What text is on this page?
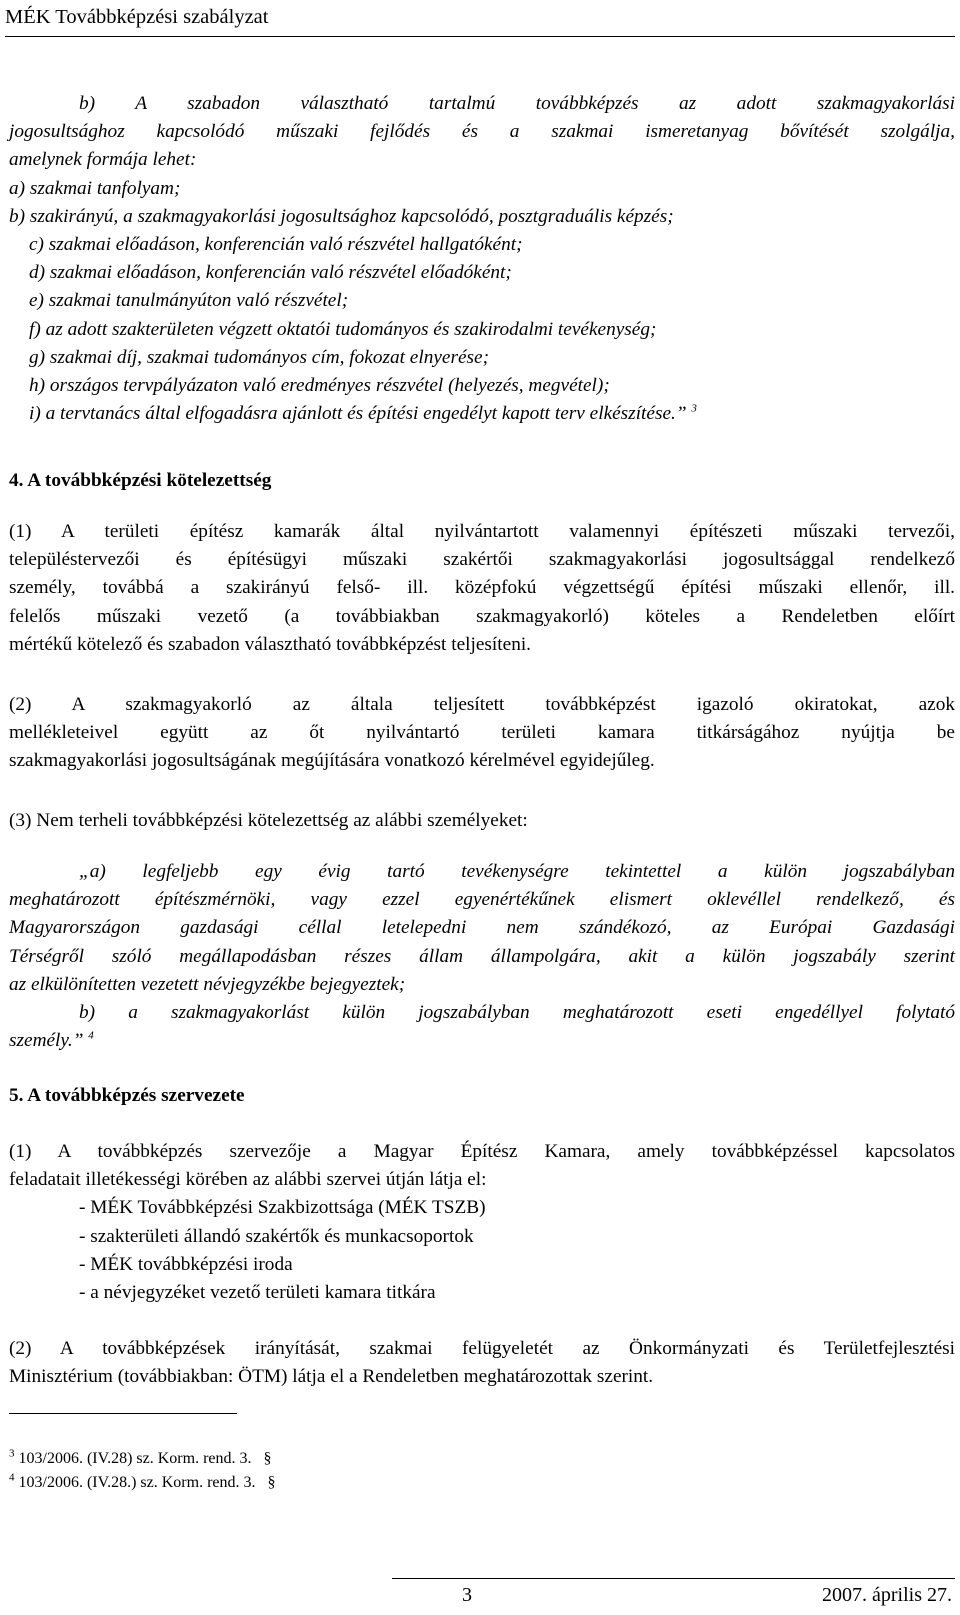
MÉK Továbbképzési szabályzat
b) A szabadon választható tartalmú továbbképzés az adott szakmagyakorlási
jogosultsághoz kapcsolódó műszaki fejlődés és a szakmai ismeretanyag bővítését szolgálja,
amelynek formája lehet:
a) szakmai tanfolyam;
b) szakirányú, a szakmagyakorlási jogosultsághoz kapcsolódó, posztgraduális képzés;
c) szakmai előadáson, konferencián való részvétel hallgatóként;
d) szakmai előadáson, konferencián való részvétel előadóként;
e) szakmai tanulmányúton való részvétel;
f) az adott szakterületen végzett oktatói tudományos és szakirodalmi tevékenység;
g) szakmai díj, szakmai tudományos cím, fokozat elnyerése;
h) országos tervpályázaton való eredményes részvétel (helyezés, megvétel);
i) a tervtanács által elfogadásra ajánlott és építési engedélyt kapott terv elkészítése.” $^3$
4. A továbbképzési kötelezettség
(1) A területi építész kamarák által nyilvántartott valamennyi építészeti műszaki tervezői,
településtervezői és építésügyi műszaki szakértői szakmagyakorlási jogosultsággal rendelkező
személy, továbbá a szakirányú felső- ill. középfokú végzettségű építési műszaki ellenőr, ill.
felelős műszaki vezető (a továbbiakban szakmagyakorló) köteles a Rendeletben előírt
mértékű kötelező és szabadon választható továbbképzést teljesíteni.
(2) A szakmagyakorló az általa teljesített továbbképzést igazoló okiratokat, azok
mellékleteivel együtt az őt nyilvántartó területi kamara titkárságához nyújtja be
szakmagyakorlási jogosultságának megújítására vonatkozó kérelmével egyidejűleg.
(3) Nem terheli továbbképzési kötelezettség az alábbi személyeket:
„a) legfeljebb egy évig tartó tevékenységre tekintettel a külön jogszabályban
meghatározott építészmérnöki, vagy ezzel egyenértékűnek elismert oklevéllel rendelkező, és
Magyarországon gazdasági céllal letelepedni nem szándékozó, az Európai Gazdasági
Térségről szóló megállapodásban részes állam állampolgára, akit a külön jogszabály szerint
az elkülönítetten vezetett névjegyzékbe bejegyeztek;
b) a szakmagyakorlást külön jogszabályban meghatározott eseti engedéllyel folytató
személy.” $^4$
5. A továbbképzés szervezete
(1) A továbbképzés szervezője a Magyar Építész Kamara, amely továbbképzéssel kapcsolatos
feladatait illetékességi körében az alábbi szervei útján látja el:
- MÉK Továbbképzési Szakbizottsága (MÉK TSZB)
- szakterületi állandó szakértők és munkacsoportok
- MÉK továbbképzési iroda
- a névjegyzéket vezető területi kamara titkára
(2) A továbbképzések irányítását, szakmai felügyeletét az Önkormányzati és Területfejlesztési
Minisztérium (továbbiakban: ÖTM) látja el a Rendeletben meghatározottak szerint.
$^3$ 103/2006. (IV.28) sz. Korm. rend. 3. §
$^4$ 103/2006. (IV.28.) sz. Korm. rend. 3. §
3	2007. április 27.
